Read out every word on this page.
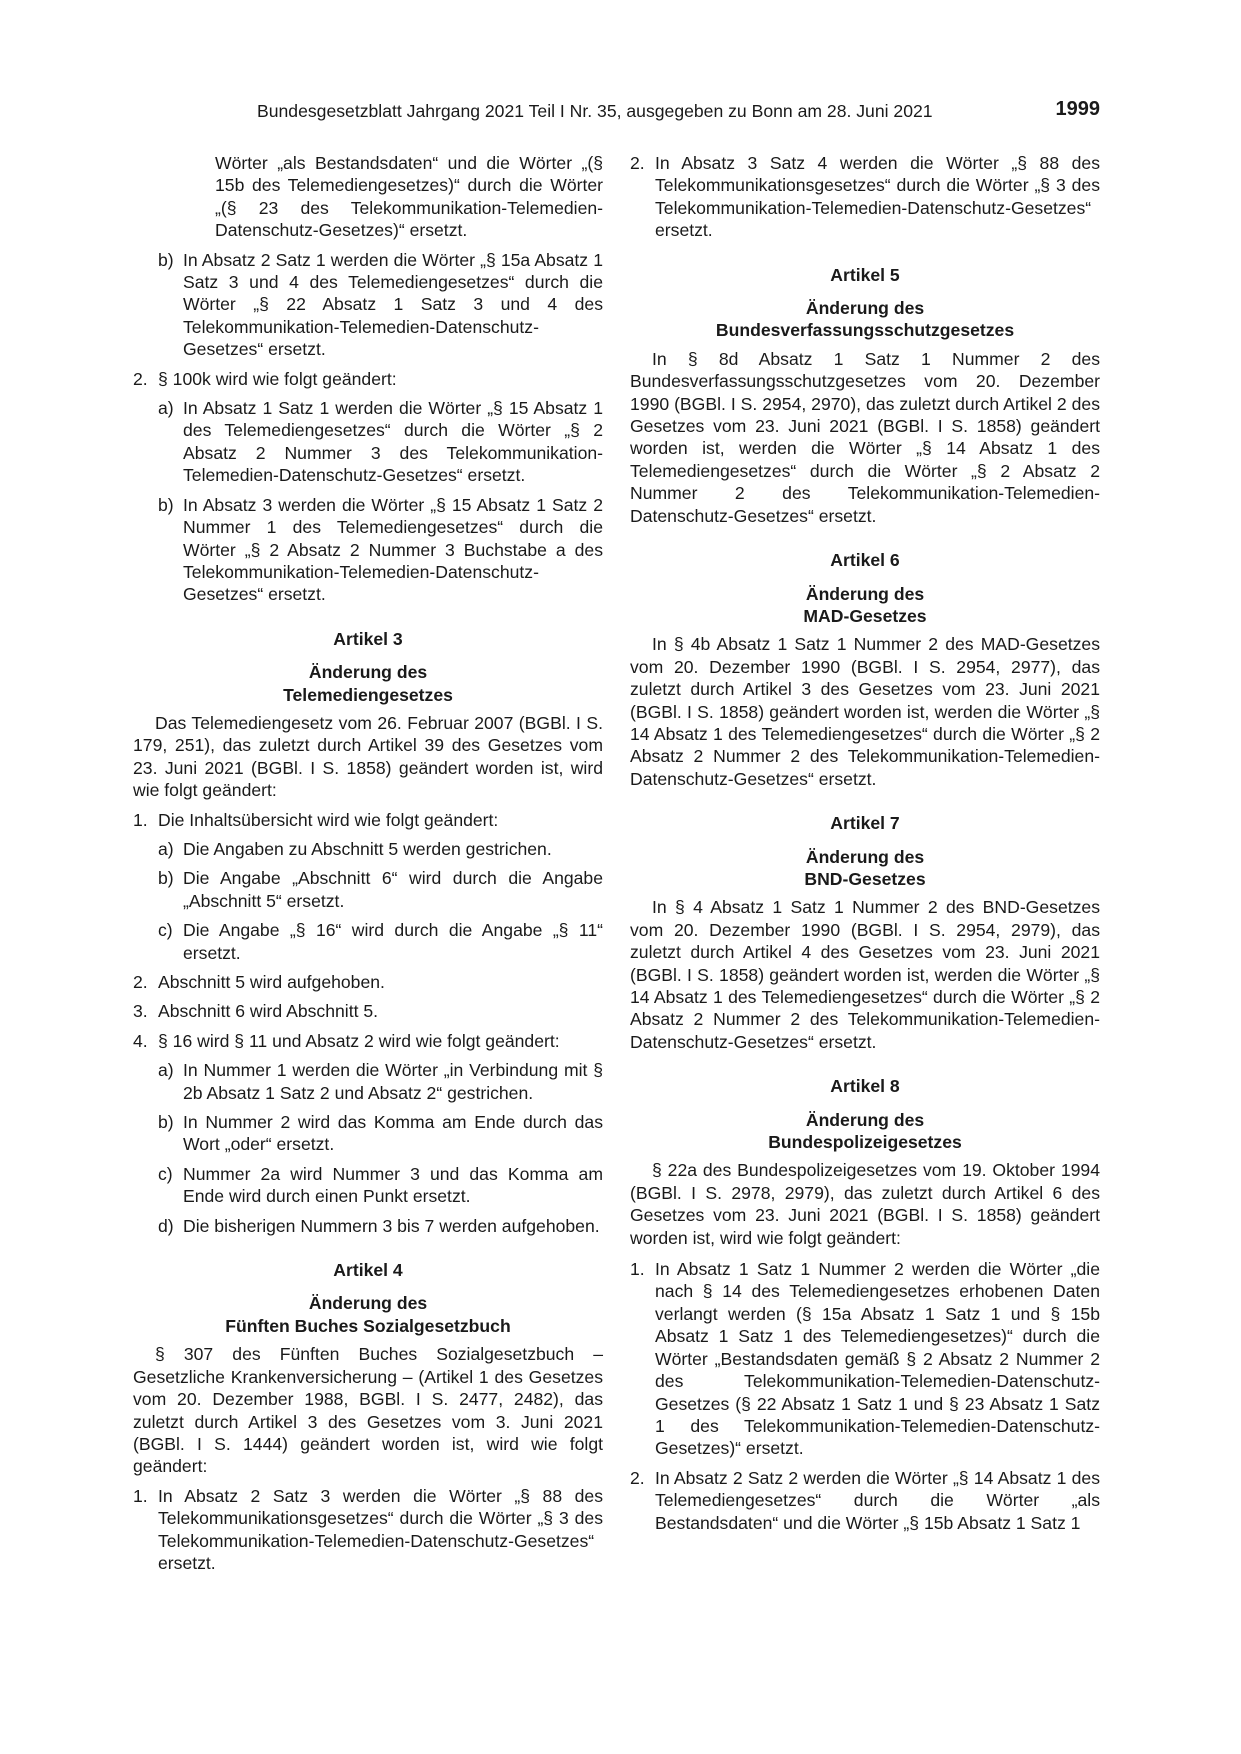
Bundesgesetzblatt Jahrgang 2021 Teil I Nr. 35, ausgegeben zu Bonn am 28. Juni 2021	1999

Wörter „als Bestandsdaten“ und die Wörter „(§ 15b des Telemediengesetzes)“ durch die Wörter „(§ 23 des Telekommunikation-Telemedien-Datenschutz-Gesetzes)“ ersetzt.

b) In Absatz 2 Satz 1 werden die Wörter „§ 15a Absatz 1 Satz 3 und 4 des Telemediengesetzes“ durch die Wörter „§ 22 Absatz 1 Satz 3 und 4 des Telekommunikation-Telemedien-Datenschutz-Gesetzes“ ersetzt.
2. § 100k wird wie folgt geändert:
a) In Absatz 1 Satz 1 werden die Wörter „§ 15 Absatz 1 des Telemediengesetzes“ durch die Wörter „§ 2 Absatz 2 Nummer 3 des Telekommunikation-Telemedien-Datenschutz-Gesetzes“ ersetzt.
b) In Absatz 3 werden die Wörter „§ 15 Absatz 1 Satz 2 Nummer 1 des Telemediengesetzes“ durch die Wörter „§ 2 Absatz 2 Nummer 3 Buchstabe a des Telekommunikation-Telemedien-Datenschutz-Gesetzes“ ersetzt.

Artikel 3

Änderung des

Telemediengesetzes

Das Telemediengesetz vom 26. Februar 2007 (BGBl. I S. 179, 251), das zuletzt durch Artikel 39 des Gesetzes vom 23. Juni 2021 (BGBl. I S. 1858) geändert worden ist, wird wie folgt geändert:

1. Die Inhaltsübersicht wird wie folgt geändert:
a) Die Angaben zu Abschnitt 5 werden gestrichen.
b) Die Angabe „Abschnitt 6“ wird durch die Angabe „Abschnitt 5“ ersetzt.
c) Die Angabe „§ 16“ wird durch die Angabe „§ 11“ ersetzt.
2. Abschnitt 5 wird aufgehoben.
3. Abschnitt 6 wird Abschnitt 5.
4. § 16 wird § 11 und Absatz 2 wird wie folgt geändert:
a) In Nummer 1 werden die Wörter „in Verbindung mit § 2b Absatz 1 Satz 2 und Absatz 2“ gestrichen.
b) In Nummer 2 wird das Komma am Ende durch das Wort „oder“ ersetzt.
c) Nummer 2a wird Nummer 3 und das Komma am Ende wird durch einen Punkt ersetzt.
d) Die bisherigen Nummern 3 bis 7 werden aufgehoben.

Artikel 4

Änderung des

Fünften Buches Sozialgesetzbuch

§ 307 des Fünften Buches Sozialgesetzbuch – Gesetzliche Krankenversicherung – (Artikel 1 des Gesetzes vom 20. Dezember 1988, BGBl. I S. 2477, 2482), das zuletzt durch Artikel 3 des Gesetzes vom 3. Juni 2021 (BGBl. I S. 1444) geändert worden ist, wird wie folgt geändert:

1. In Absatz 2 Satz 3 werden die Wörter „§ 88 des Telekommunikationsgesetzes“ durch die Wörter „§ 3 des Telekommunikation-Telemedien-Datenschutz-Gesetzes“ ersetzt.
2. In Absatz 3 Satz 4 werden die Wörter „§ 88 des Telekommunikationsgesetzes“ durch die Wörter „§ 3 des Telekommunikation-Telemedien-Datenschutz-Gesetzes“ ersetzt.

Artikel 5

Änderung des

Bundesverfassungsschutzgesetzes

In § 8d Absatz 1 Satz 1 Nummer 2 des Bundesverfassungsschutzgesetzes vom 20. Dezember 1990 (BGBl. I S. 2954, 2970), das zuletzt durch Artikel 2 des Gesetzes vom 23. Juni 2021 (BGBl. I S. 1858) geändert worden ist, werden die Wörter „§ 14 Absatz 1 des Telemediengesetzes“ durch die Wörter „§ 2 Absatz 2 Nummer 2 des Telekommunikation-Telemedien-Datenschutz-Gesetzes“ ersetzt.

Artikel 6

Änderung des

MAD-Gesetzes

In § 4b Absatz 1 Satz 1 Nummer 2 des MAD-Gesetzes vom 20. Dezember 1990 (BGBl. I S. 2954, 2977), das zuletzt durch Artikel 3 des Gesetzes vom 23. Juni 2021 (BGBl. I S. 1858) geändert worden ist, werden die Wörter „§ 14 Absatz 1 des Telemediengesetzes“ durch die Wörter „§ 2 Absatz 2 Nummer 2 des Telekommunikation-Telemedien-Datenschutz-Gesetzes“ ersetzt.

Artikel 7

Änderung des

BND-Gesetzes

In § 4 Absatz 1 Satz 1 Nummer 2 des BND-Gesetzes vom 20. Dezember 1990 (BGBl. I S. 2954, 2979), das zuletzt durch Artikel 4 des Gesetzes vom 23. Juni 2021 (BGBl. I S. 1858) geändert worden ist, werden die Wörter „§ 14 Absatz 1 des Telemediengesetzes“ durch die Wörter „§ 2 Absatz 2 Nummer 2 des Telekommunikation-Telemedien-Datenschutz-Gesetzes“ ersetzt.

Artikel 8

Änderung des

Bundespolizeigesetzes

§ 22a des Bundespolizeigesetzes vom 19. Oktober 1994 (BGBl. I S. 2978, 2979), das zuletzt durch Artikel 6 des Gesetzes vom 23. Juni 2021 (BGBl. I S. 1858) geändert worden ist, wird wie folgt geändert:

1. In Absatz 1 Satz 1 Nummer 2 werden die Wörter „die nach § 14 des Telemediengesetzes erhobenen Daten verlangt werden (§ 15a Absatz 1 Satz 1 und § 15b Absatz 1 Satz 1 des Telemediengesetzes)“ durch die Wörter „Bestandsdaten gemäß § 2 Absatz 2 Nummer 2 des Telekommunikation-Telemedien-Datenschutz-Gesetzes (§ 22 Absatz 1 Satz 1 und § 23 Absatz 1 Satz 1 des Telekommunikation-Telemedien-Datenschutz-Gesetzes)“ ersetzt.
2. In Absatz 2 Satz 2 werden die Wörter „§ 14 Absatz 1 des Telemediengesetzes“ durch die Wörter „als Bestandsdaten“ und die Wörter „§ 15b Absatz 1 Satz 1
